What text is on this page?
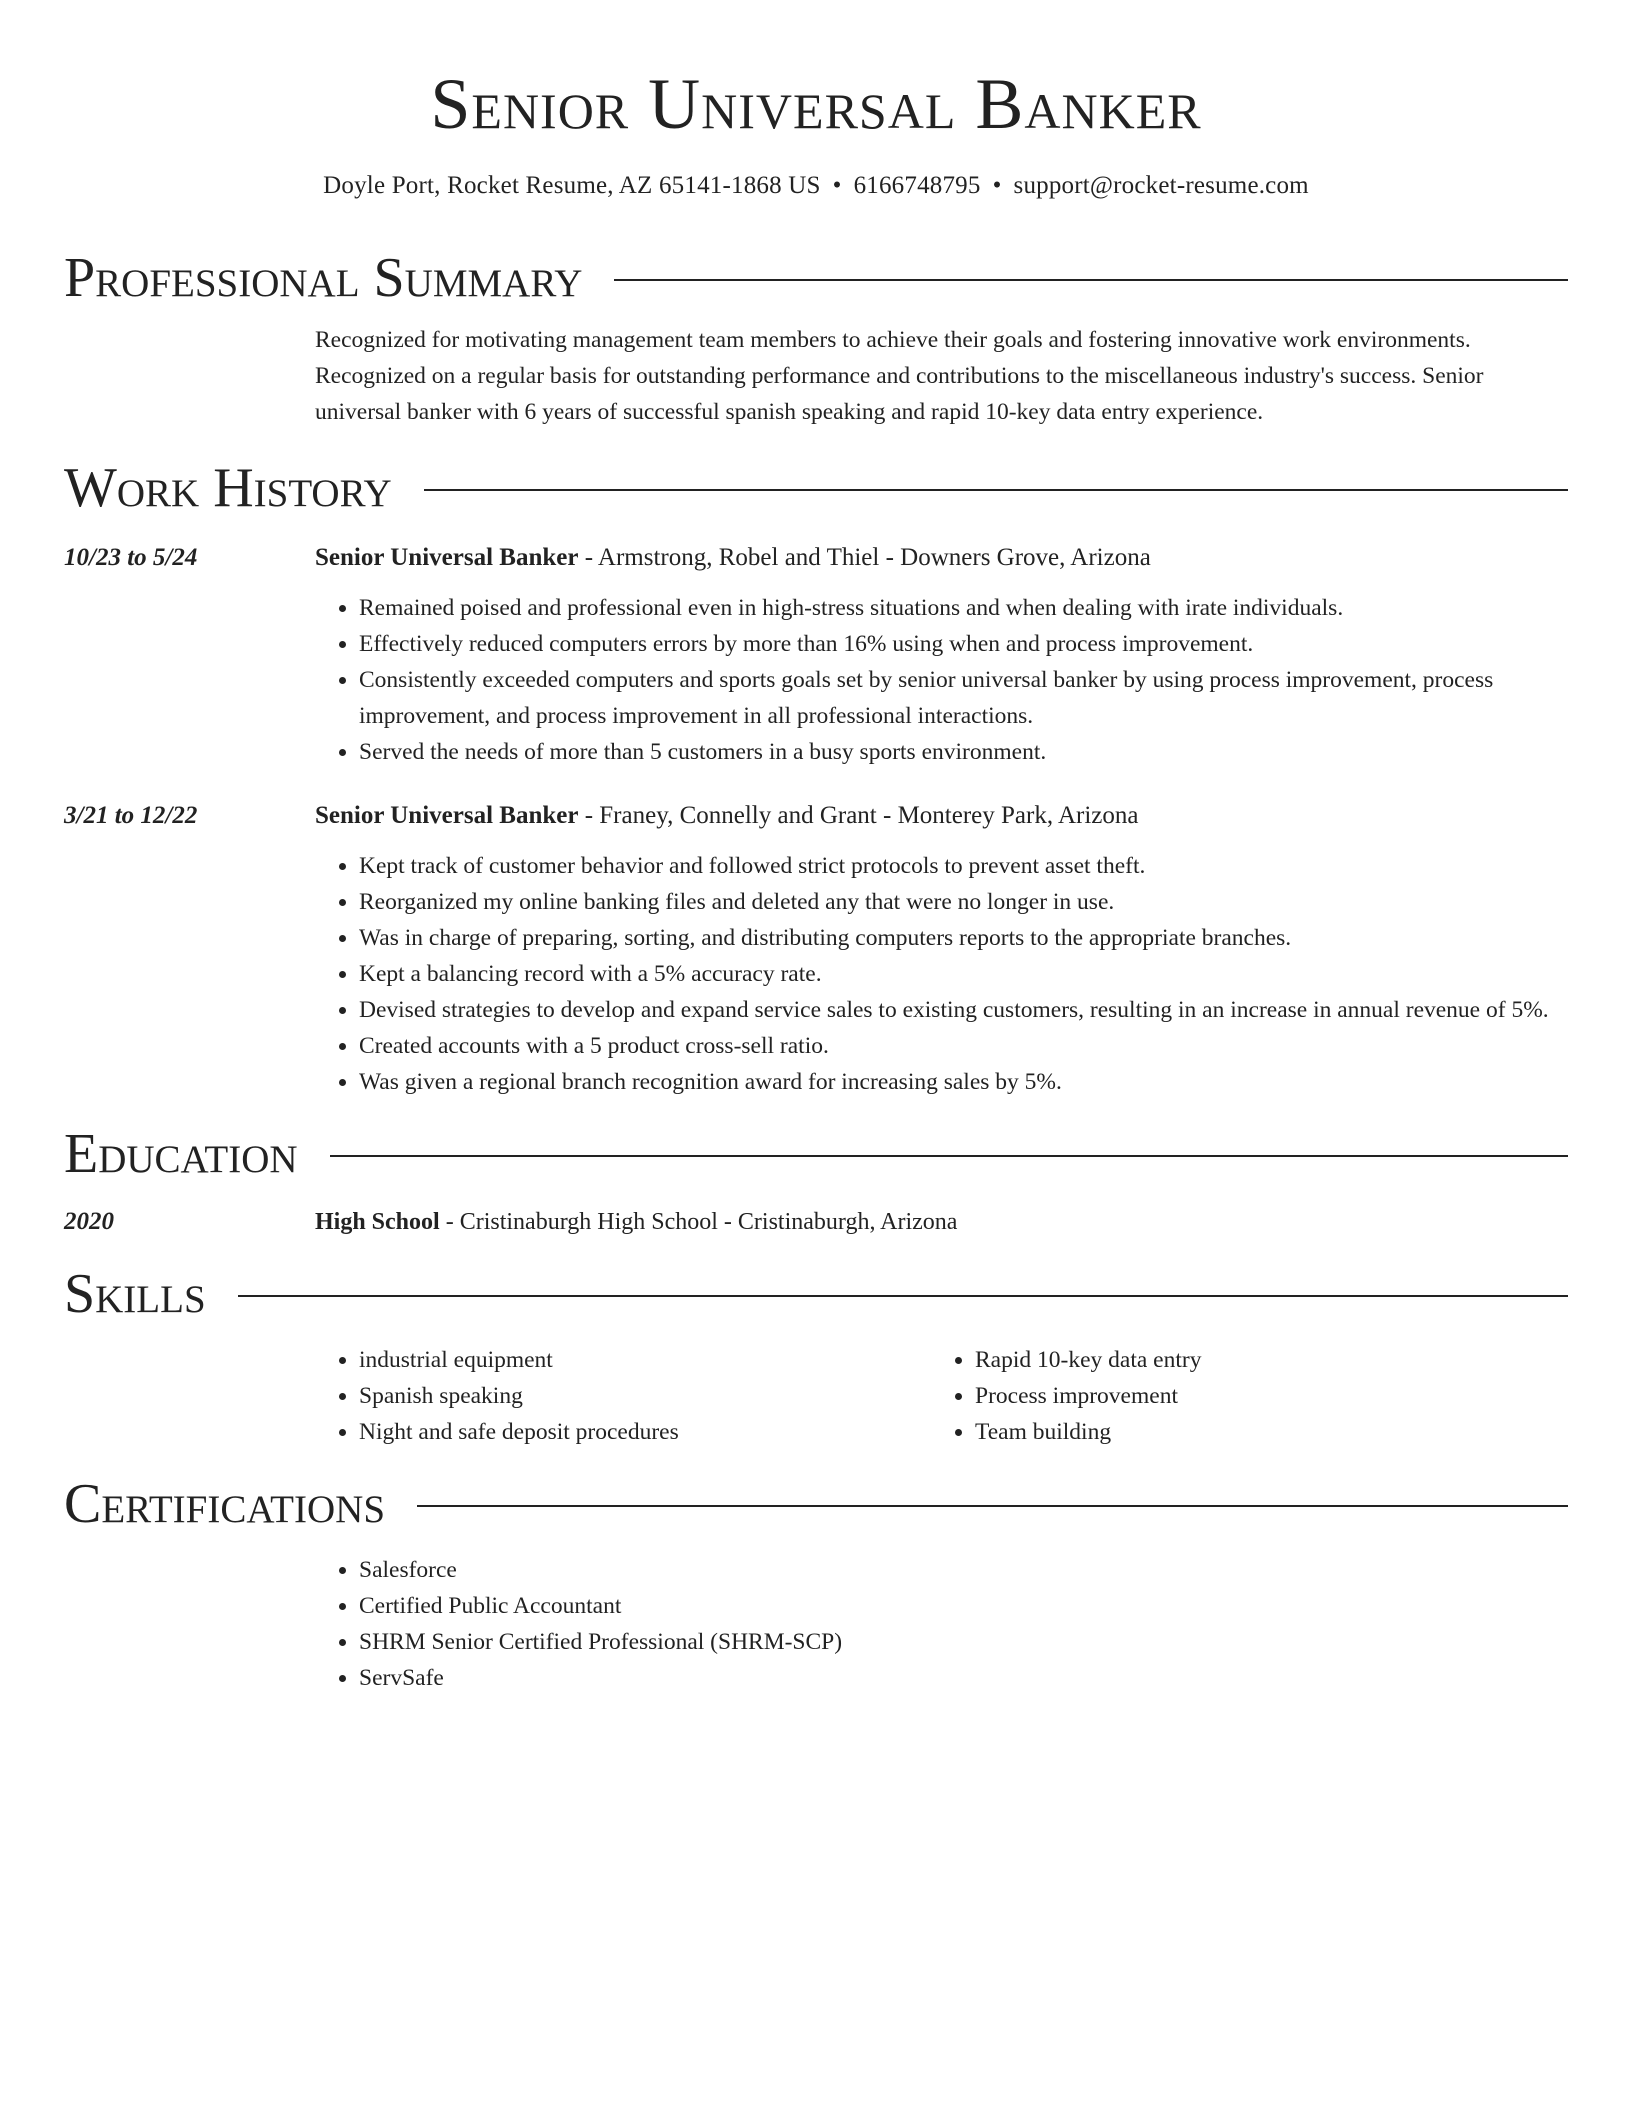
Senior Universal Banker
Doyle Port, Rocket Resume, AZ 65141-1868 US • 6166748795 • support@rocket-resume.com
Professional Summary
Recognized for motivating management team members to achieve their goals and fostering innovative work environments. Recognized on a regular basis for outstanding performance and contributions to the miscellaneous industry's success. Senior universal banker with 6 years of successful spanish speaking and rapid 10-key data entry experience.
Work History
10/23 to 5/24	Senior Universal Banker - Armstrong, Robel and Thiel - Downers Grove, Arizona
• Remained poised and professional even in high-stress situations and when dealing with irate individuals.
• Effectively reduced computers errors by more than 16% using when and process improvement.
• Consistently exceeded computers and sports goals set by senior universal banker by using process improvement, process improvement, and process improvement in all professional interactions.
• Served the needs of more than 5 customers in a busy sports environment.
3/21 to 12/22	Senior Universal Banker - Franey, Connelly and Grant - Monterey Park, Arizona
• Kept track of customer behavior and followed strict protocols to prevent asset theft.
• Reorganized my online banking files and deleted any that were no longer in use.
• Was in charge of preparing, sorting, and distributing computers reports to the appropriate branches.
• Kept a balancing record with a 5% accuracy rate.
• Devised strategies to develop and expand service sales to existing customers, resulting in an increase in annual revenue of 5%.
• Created accounts with a 5 product cross-sell ratio.
• Was given a regional branch recognition award for increasing sales by 5%.
Education
2020	High School - Cristinaburgh High School - Cristinaburgh, Arizona
Skills
• industrial equipment
• Spanish speaking
• Night and safe deposit procedures
• Rapid 10-key data entry
• Process improvement
• Team building
Certifications
• Salesforce
• Certified Public Accountant
• SHRM Senior Certified Professional (SHRM-SCP)
• ServSafe
